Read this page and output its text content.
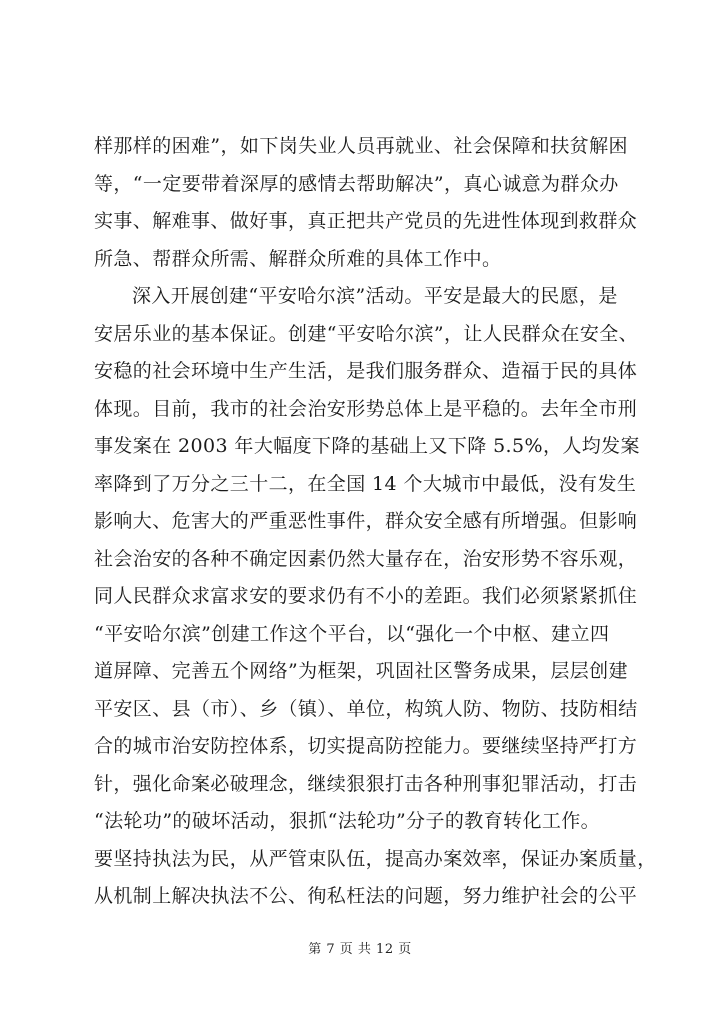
样那样的困难”，如下岗失业人员再就业、社会保障和扶贫解困
等，“一定要带着深厚的感情去帮助解决”，真心诚意为群众办
实事、解难事、做好事，真正把共产党员的先进性体现到救群众
所急、帮群众所需、解群众所难的具体工作中。
深入开展创建“平安哈尔滨”活动。平安是最大的民愿，是
安居乐业的基本保证。创建“平安哈尔滨”，让人民群众在安全、
安稳的社会环境中生产生活，是我们服务群众、造福于民的具体
体现。目前，我市的社会治安形势总体上是平稳的。去年全市刑
事发案在 2003 年大幅度下降的基础上又下降 5.5%，人均发案
率降到了万分之三十二，在全国 14 个大城市中最低，没有发生
影响大、危害大的严重恶性事件，群众安全感有所增强。但影响
社会治安的各种不确定因素仍然大量存在，治安形势不容乐观，
同人民群众求富求安的要求仍有不小的差距。我们必须紧紧抓住
“平安哈尔滨”创建工作这个平台，以“强化一个中枢、建立四
道屏障、完善五个网络”为框架，巩固社区警务成果，层层创建
平安区、县（市）、乡（镇）、单位，构筑人防、物防、技防相结
合的城市治安防控体系，切实提高防控能力。要继续坚持严打方
针，强化命案必破理念，继续狠狠打击各种刑事犯罪活动，打击
“法轮功”的破坏活动，狠抓“法轮功”分子的教育转化工作。
要坚持执法为民，从严管束队伍，提高办案效率，保证办案质量，
从机制上解决执法不公、徇私枉法的问题，努力维护社会的公平
第 7 页 共 12 页
